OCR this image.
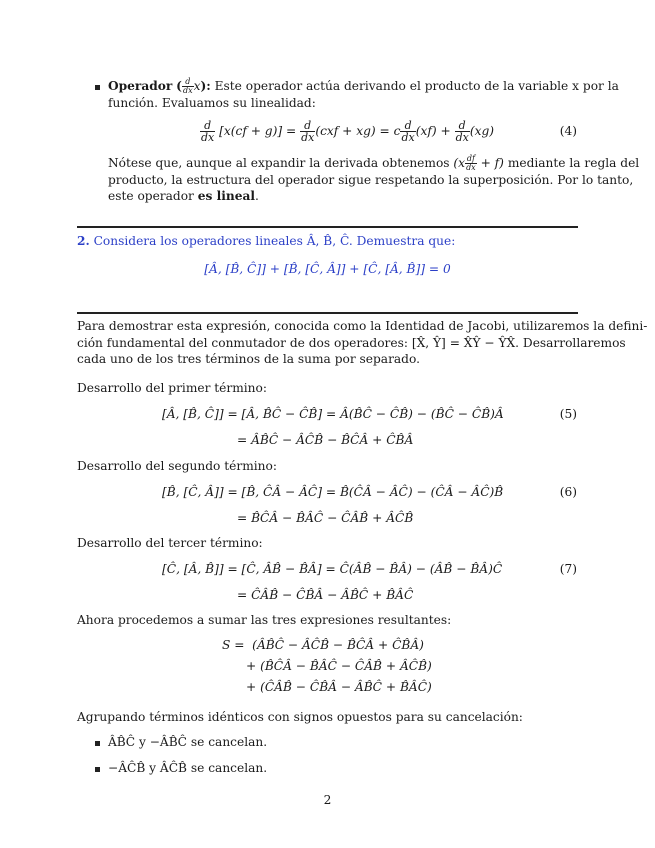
Operador ( $\frac{d}{dx} x$): Este operador actúa derivando el producto de la variable x por la
función. Evaluamos su linealidad:
$\frac{d}{dx} [x(cf + g)] = \frac{d}{dx} (cxf + xg) = c \frac{d}{dx} (xf) + \frac{d}{dx} (xg)$	(4)
Nótese que, aunque al expandir la derivada obtenemos $(x \frac{df}{dx} + f)$ mediante la regla del
producto, la estructura del operador sigue respetando la superposición. Por lo tanto,
este operador es lineal.
2. Considera los operadores lineales Â, B̂, Ĉ. Demuestra que:
[Â, [B̂, Ĉ]] + [B̂, [Ĉ, Â]] + [Ĉ, [Â, B̂]] = 0
Para demostrar esta expresión, conocida como la Identidad de Jacobi, utilizaremos la defini-
ción fundamental del conmutador de dos operadores: [X̂, Ŷ] = X̂Ŷ − ŶX̂. Desarrollaremos
cada uno de los tres términos de la suma por separado.
Desarrollo del primer término:
[Â, [B̂, Ĉ]] = [Â, B̂Ĉ − ĈB̂] = Â(B̂Ĉ − ĈB̂) − (B̂Ĉ − ĈB̂)Â	(5)
= ÂB̂Ĉ − ÂĈB̂ − B̂ĈÂ + ĈB̂Â
Desarrollo del segundo término:
[B̂, [Ĉ, Â]] = [B̂, ĈÂ − ÂĈ] = B̂(ĈÂ − ÂĈ) − (ĈÂ − ÂĈ)B̂	(6)
= B̂ĈÂ − B̂ÂĈ − ĈÂB̂ + ÂĈB̂
Desarrollo del tercer término:
[Ĉ, [Â, B̂]] = [Ĉ, ÂB̂ − B̂Â] = Ĉ(ÂB̂ − B̂Â) − (ÂB̂ − B̂Â)Ĉ	(7)
= ĈÂB̂ − ĈB̂Â − ÂB̂Ĉ + B̂ÂĈ
Ahora procedemos a sumar las tres expresiones resultantes:
S =  (ÂB̂Ĉ − ÂĈB̂ − B̂ĈÂ + ĈB̂Â)
+ (B̂ĈÂ − B̂ÂĈ − ĈÂB̂ + ÂĈB̂)
+ (ĈÂB̂ − ĈB̂Â − ÂB̂Ĉ + B̂ÂĈ)
Agrupando términos idénticos con signos opuestos para su cancelación:
ÂB̂Ĉ y −ÂB̂Ĉ se cancelan.
−ÂĈB̂ y ÂĈB̂ se cancelan.
2
